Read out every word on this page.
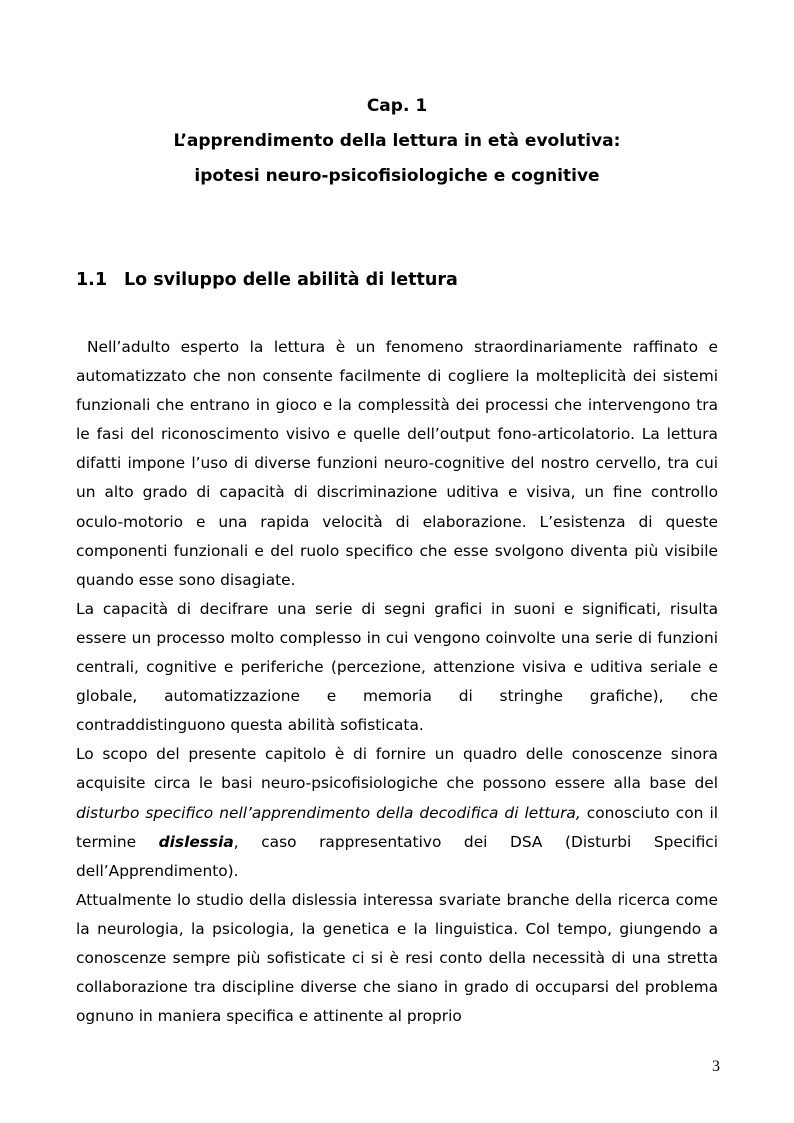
Cap. 1
L’apprendimento della lettura in età evolutiva:
ipotesi neuro-psicofisiologiche e cognitive
1.1 Lo sviluppo delle abilità di lettura

Nell’adulto esperto la lettura è un fenomeno straordinariamente raffinato e automatizzato che non consente facilmente di cogliere la molteplicità dei sistemi funzionali che entrano in gioco e la complessità dei processi che intervengono tra le fasi del riconoscimento visivo e quelle dell’output fono-articolatorio. La lettura difatti impone l’uso di diverse funzioni neuro-cognitive del nostro cervello, tra cui un alto grado di capacità di discriminazione uditiva e visiva, un fine controllo oculo-motorio e una rapida velocità di elaborazione. L’esistenza di queste componenti funzionali e del ruolo specifico che esse svolgono diventa più visibile quando esse sono disagiate.

La capacità di decifrare una serie di segni grafici in suoni e significati, risulta essere un processo molto complesso in cui vengono coinvolte una serie di funzioni centrali, cognitive e periferiche (percezione, attenzione visiva e uditiva seriale e globale, automatizzazione e memoria di stringhe grafiche), che contraddistinguono questa abilità sofisticata.

Lo scopo del presente capitolo è di fornire un quadro delle conoscenze sinora acquisite circa le basi neuro-psicofisiologiche che possono essere alla base del disturbo specifico nell’apprendimento della decodifica di lettura, conosciuto con il termine dislessia, caso rappresentativo dei DSA (Disturbi Specifici dell’Apprendimento).

Attualmente lo studio della dislessia interessa svariate branche della ricerca come la neurologia, la psicologia, la genetica e la linguistica. Col tempo, giungendo a conoscenze sempre più sofisticate ci si è resi conto della necessità di una stretta collaborazione tra discipline diverse che siano in grado di occuparsi del problema ognuno in maniera specifica e attinente al proprio

3
